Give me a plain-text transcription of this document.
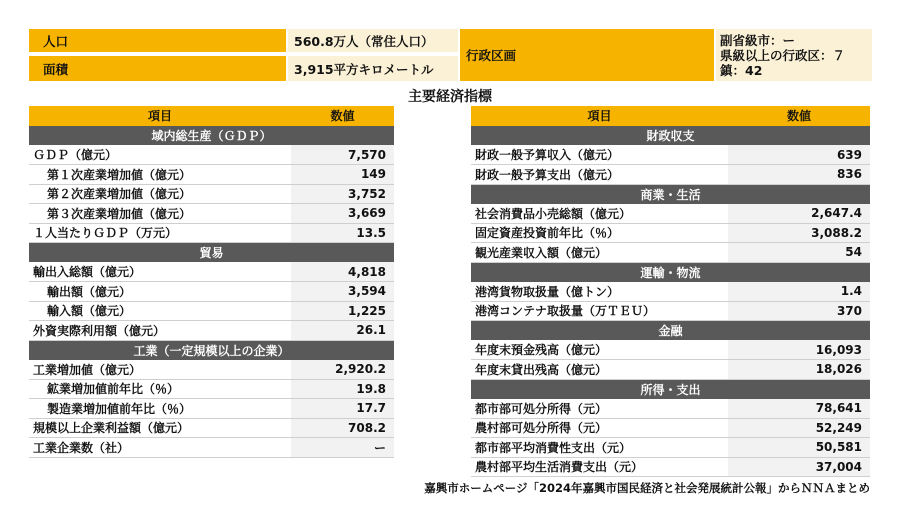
人口	560.8万人（常住人口）
面積	3,915平方キロメートル
行政区画
副省級市：ー
県級以上の行政区：７
鎮：42
主要経済指標
項目	数値
域内総生産（ＧＤＰ）	
ＧＤＰ（億元）	7,570
第１次産業増加値（億元）	149
第２次産業増加値（億元）	3,752
第３次産業増加値（億元）	3,669
１人当たりＧＤＰ（万元）	13.5
貿易	
輸出入総額（億元）	4,818
輸出額（億元）	3,594
輸入額（億元）	1,225
外資実際利用額（億元）	26.1
工業（一定規模以上の企業）	
工業増加値（億元）	2,920.2
鉱業増加値前年比（％）	19.8
製造業増加値前年比（％）	17.7
規模以上企業利益額（億元）	708.2
工業企業数（社）	ー
項目	数値
財政収支	
財政一般予算収入（億元）	639
財政一般予算支出（億元）	836
商業・生活	
社会消費品小売総額（億元）	2,647.4
固定資産投資前年比（％）	3,088.2
観光産業収入額（億元）	54
運輸・物流	
港湾貨物取扱量（億トン）	1.4
港湾コンテナ取扱量（万ＴＥＵ）	370
金融	
年度末預金残高（億元）	16,093
年度末貸出残高（億元）	18,026
所得・支出	
都市部可処分所得（元）	78,641
農村部可処分所得（元）	52,249
都市部平均消費性支出（元）	50,581
農村部平均生活消費支出（元）	37,004
嘉興市ホームページ「2024年嘉興市国民経済と社会発展統計公報」からＮＮＡまとめ
